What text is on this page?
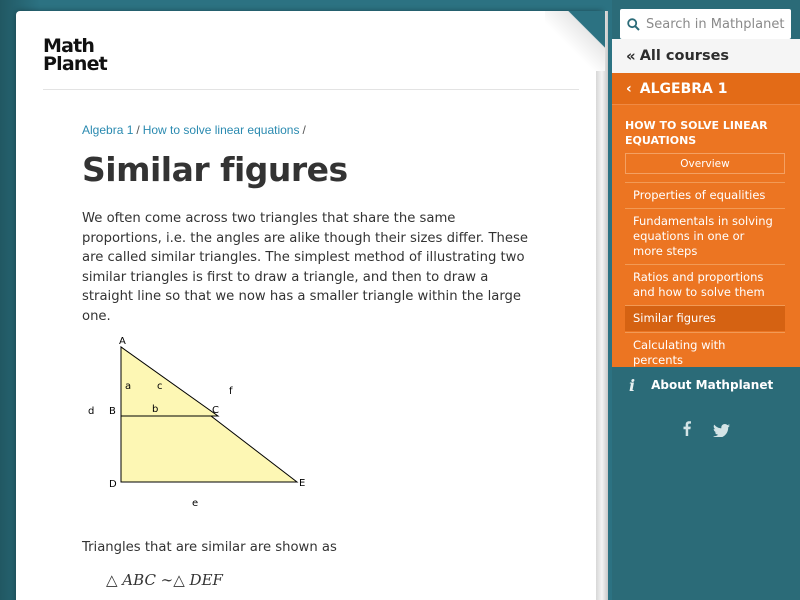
Math
Planet
Algebra 1 / How to solve linear equations /
Similar figures

We often come across two triangles that share the same proportions, i.e. the angles are alike though their sizes differ. These are called similar triangles. The simplest method of illustrating two similar triangles is first to draw a triangle, and then to draw a straight line so that we now has a smaller triangle within the large one.

A
B	C
D	E
a
b
c
d
e
f

Triangles that are similar are shown as

△ ABC ∼△ DEF
Search in Mathplanet
« All courses
‹ ALGEBRA 1
HOW TO SOLVE LINEAR EQUATIONS
Overview
Properties of equalities
Fundamentals in solving equations in one or more steps
Ratios and proportions and how to solve them
Similar figures
Calculating with percents
i About Mathplanet
